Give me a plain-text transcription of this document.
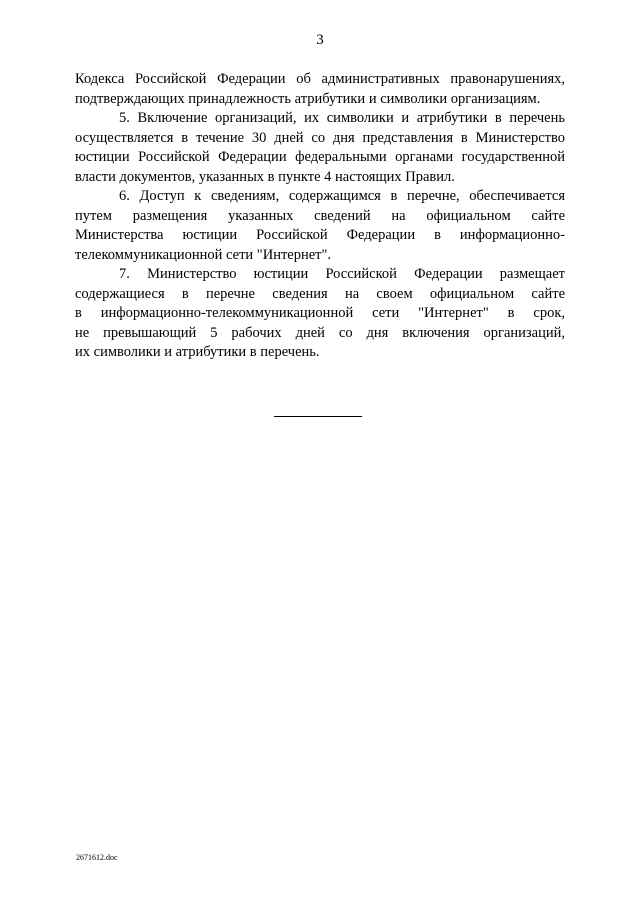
3

Кодекса Российской Федерации об административных правонарушениях,
подтверждающих принадлежность атрибутики и символики организациям.

5. Включение организаций, их символики и атрибутики в перечень
осуществляется в течение 30 дней со дня представления в Министерство
юстиции Российской Федерации федеральными органами государственной
власти документов, указанных в пункте 4 настоящих Правил.

6. Доступ к сведениям, содержащимся в перечне, обеспечивается
путем размещения указанных сведений на официальном сайте
Министерства юстиции Российской Федерации в информационно-
телекоммуникационной сети "Интернет".

7. Министерство юстиции Российской Федерации размещает
содержащиеся в перечне сведения на своем официальном сайте
в информационно-телекоммуникационной сети "Интернет" в срок,
не превышающий 5 рабочих дней со дня включения организаций,
их символики и атрибутики в перечень.

2671612.doc
